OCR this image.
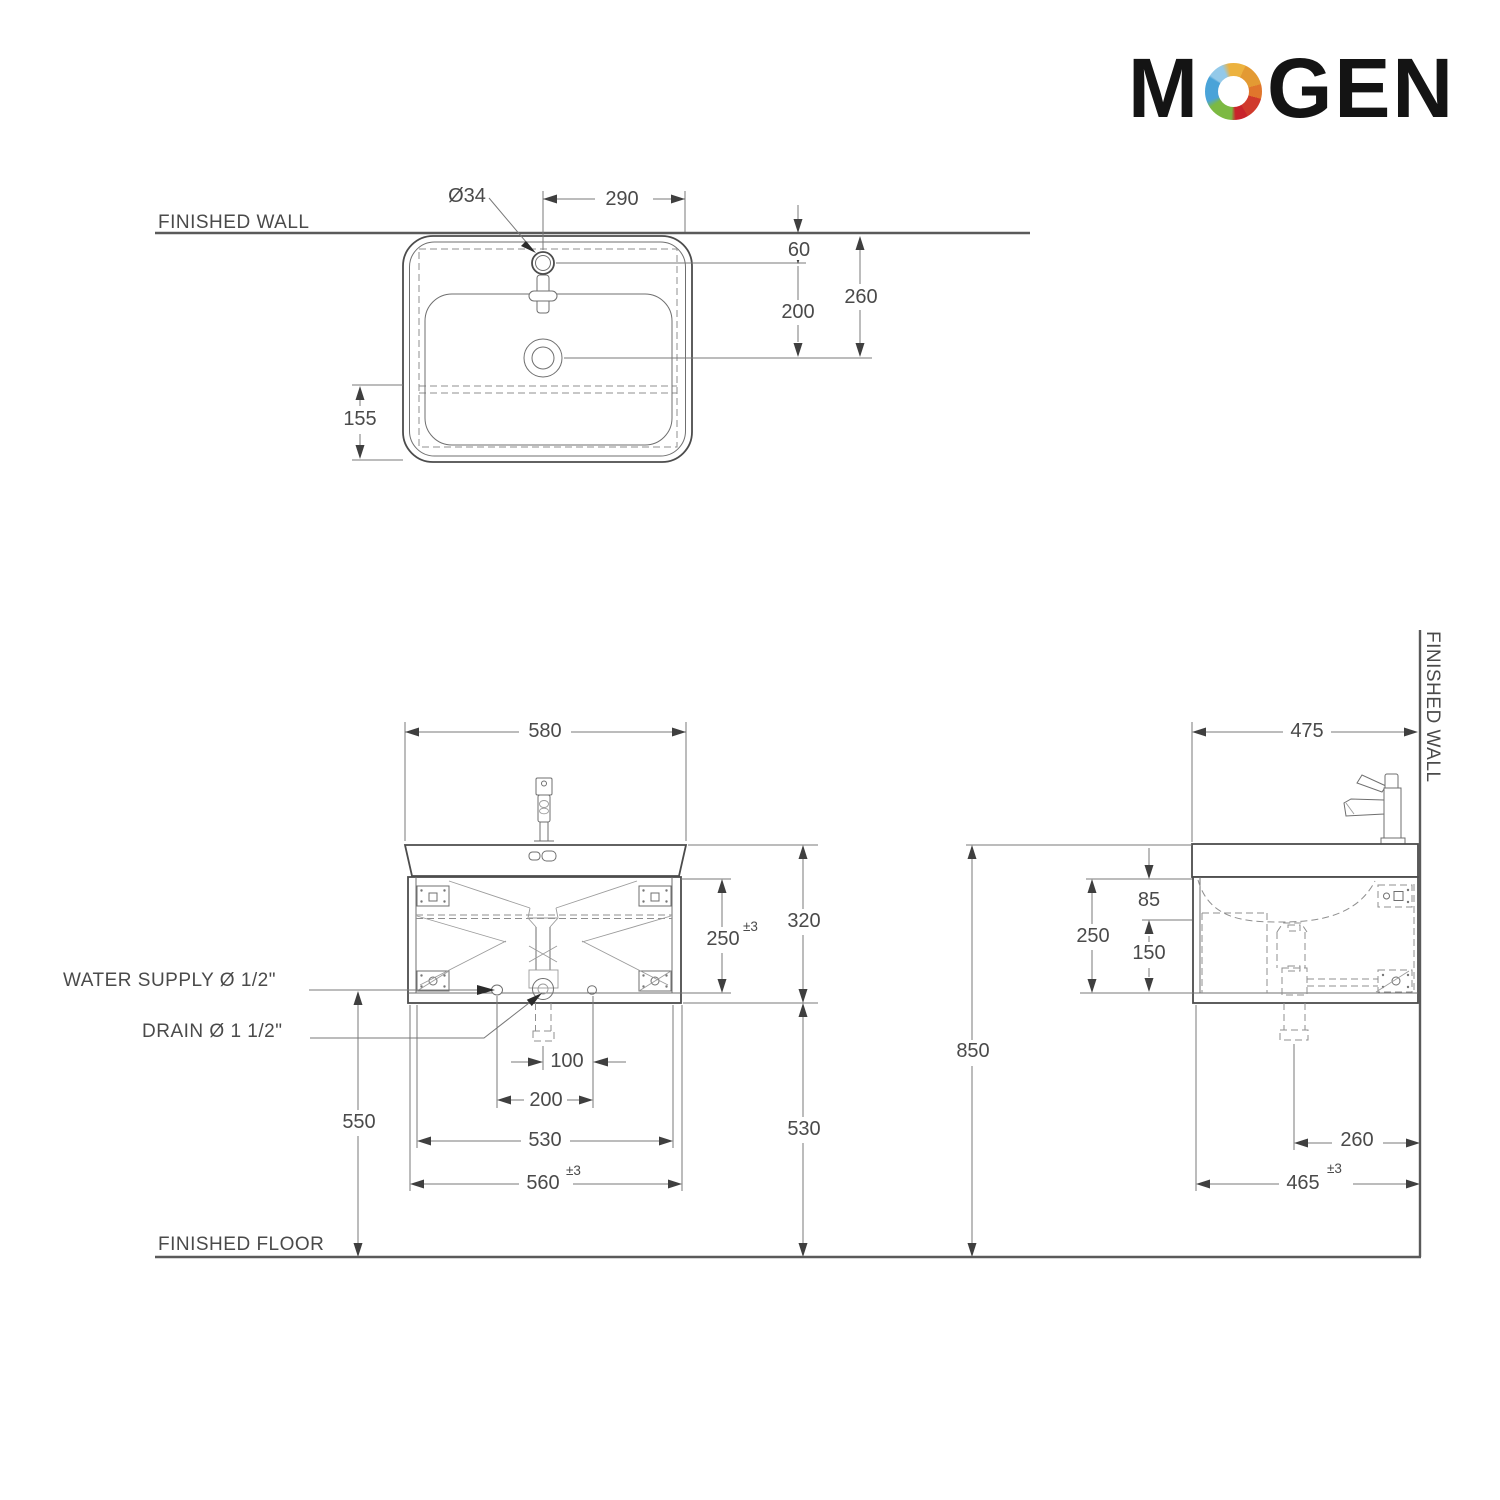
FINISHED WALL
Ø34	290
60
200
260
155
580
WATER SUPPLY Ø 1/2"
DRAIN Ø 1 1/2"
550
100
200
530
560
±3
250
±3 320
530
475
250
85
150
850
260
465
±3
FINISHED WALL
FINISHED FLOOR
M GEN
